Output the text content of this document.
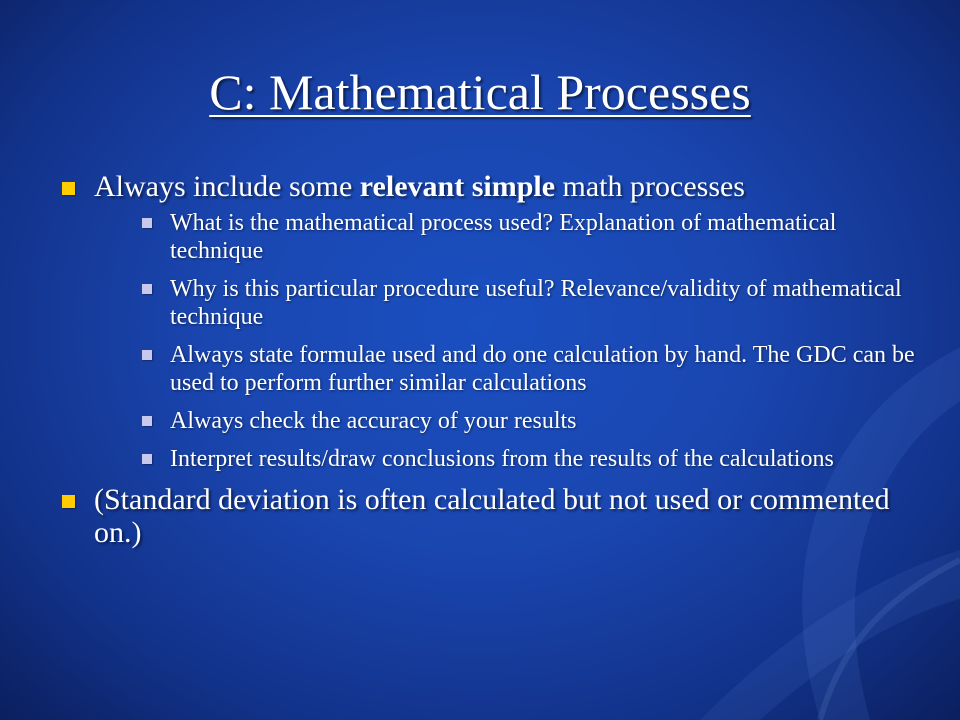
C: Mathematical Processes
Always include some relevant simple math processes
What is the mathematical process used? Explanation of mathematical technique
Why is this particular procedure useful? Relevance/validity of mathematical technique
Always state formulae used and do one calculation by hand. The GDC can be used to perform further similar calculations
Always check the accuracy of your results
Interpret results/draw conclusions from the results of the calculations
(Standard deviation is often calculated but not used or commented on.)
